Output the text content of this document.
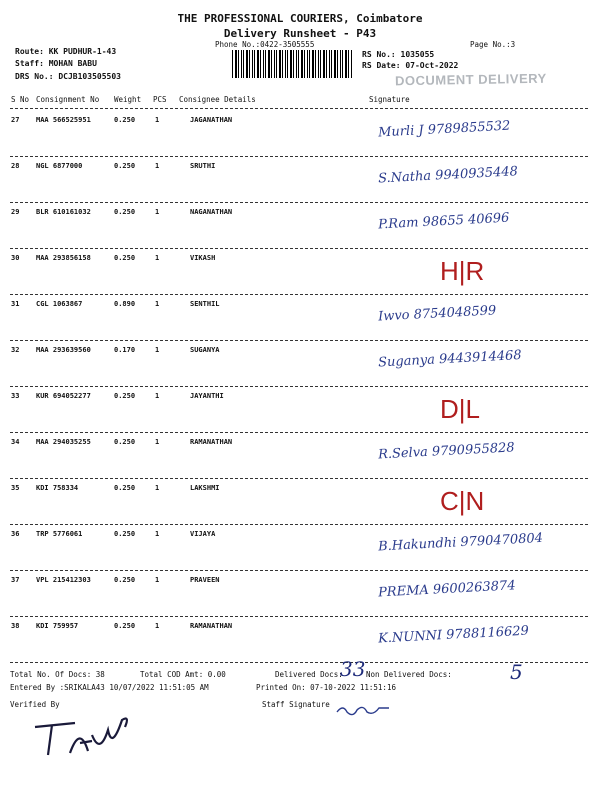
THE PROFESSIONAL COURIERS, Coimbatore
Delivery Runsheet - P43
Phone No.:0422-3505555	Page No.:3
Route: KK PUDHUR-1-43
Staff: MOHAN BABU
DRS No.: DCJB103505503
RS No.: 1035055
RS Date: 07-Oct-2022
DOCUMENT DELIVERY
S No Consignment No Weight PCS Consignee Details	Signature
27 MAA 566525951	0.250	1	JAGANATHAN	Murli J 9789855532
28 NGL 6877000	0.250	1	SRUTHI	S.Natha 9940935448
29 BLR 610161032	0.250	1	NAGANATHAN	P.Ram 98655 40696
30 MAA 293856158	0.250	1	VIKASH	H|R
31 CGL 1063867	0.890	1	SENTHIL	Iwvo 8754048599
32 MAA 293639560	0.170	1	SUGANYA	Suganya 9443914468
33 KUR 694052277	0.250	1	JAYANTHI	D|L
34 MAA 294035255	0.250	1	RAMANATHAN	R.Selva 9790955828
35 KDI 758334	0.250	1	LAKSHMI	C|N
36 TRP 5776061	0.250	1	VIJAYA	B.Hakundhi 9790470804
37 VPL 215412303	0.250	1	PRAVEEN	PREMA 9600263874
38 KDI 759957	0.250	1	RAMANATHAN	K.NUNNI 9788116629
Total No. Of Docs: 38	Total COD Amt: 0.00	Delivered Docs:
33 Non Delivered Docs:	5
Entered By :SRIKALA43 10/07/2022 11:51:05 AM	Printed On: 07-10-2022 11:51:16
Verified By	Staff Signature
